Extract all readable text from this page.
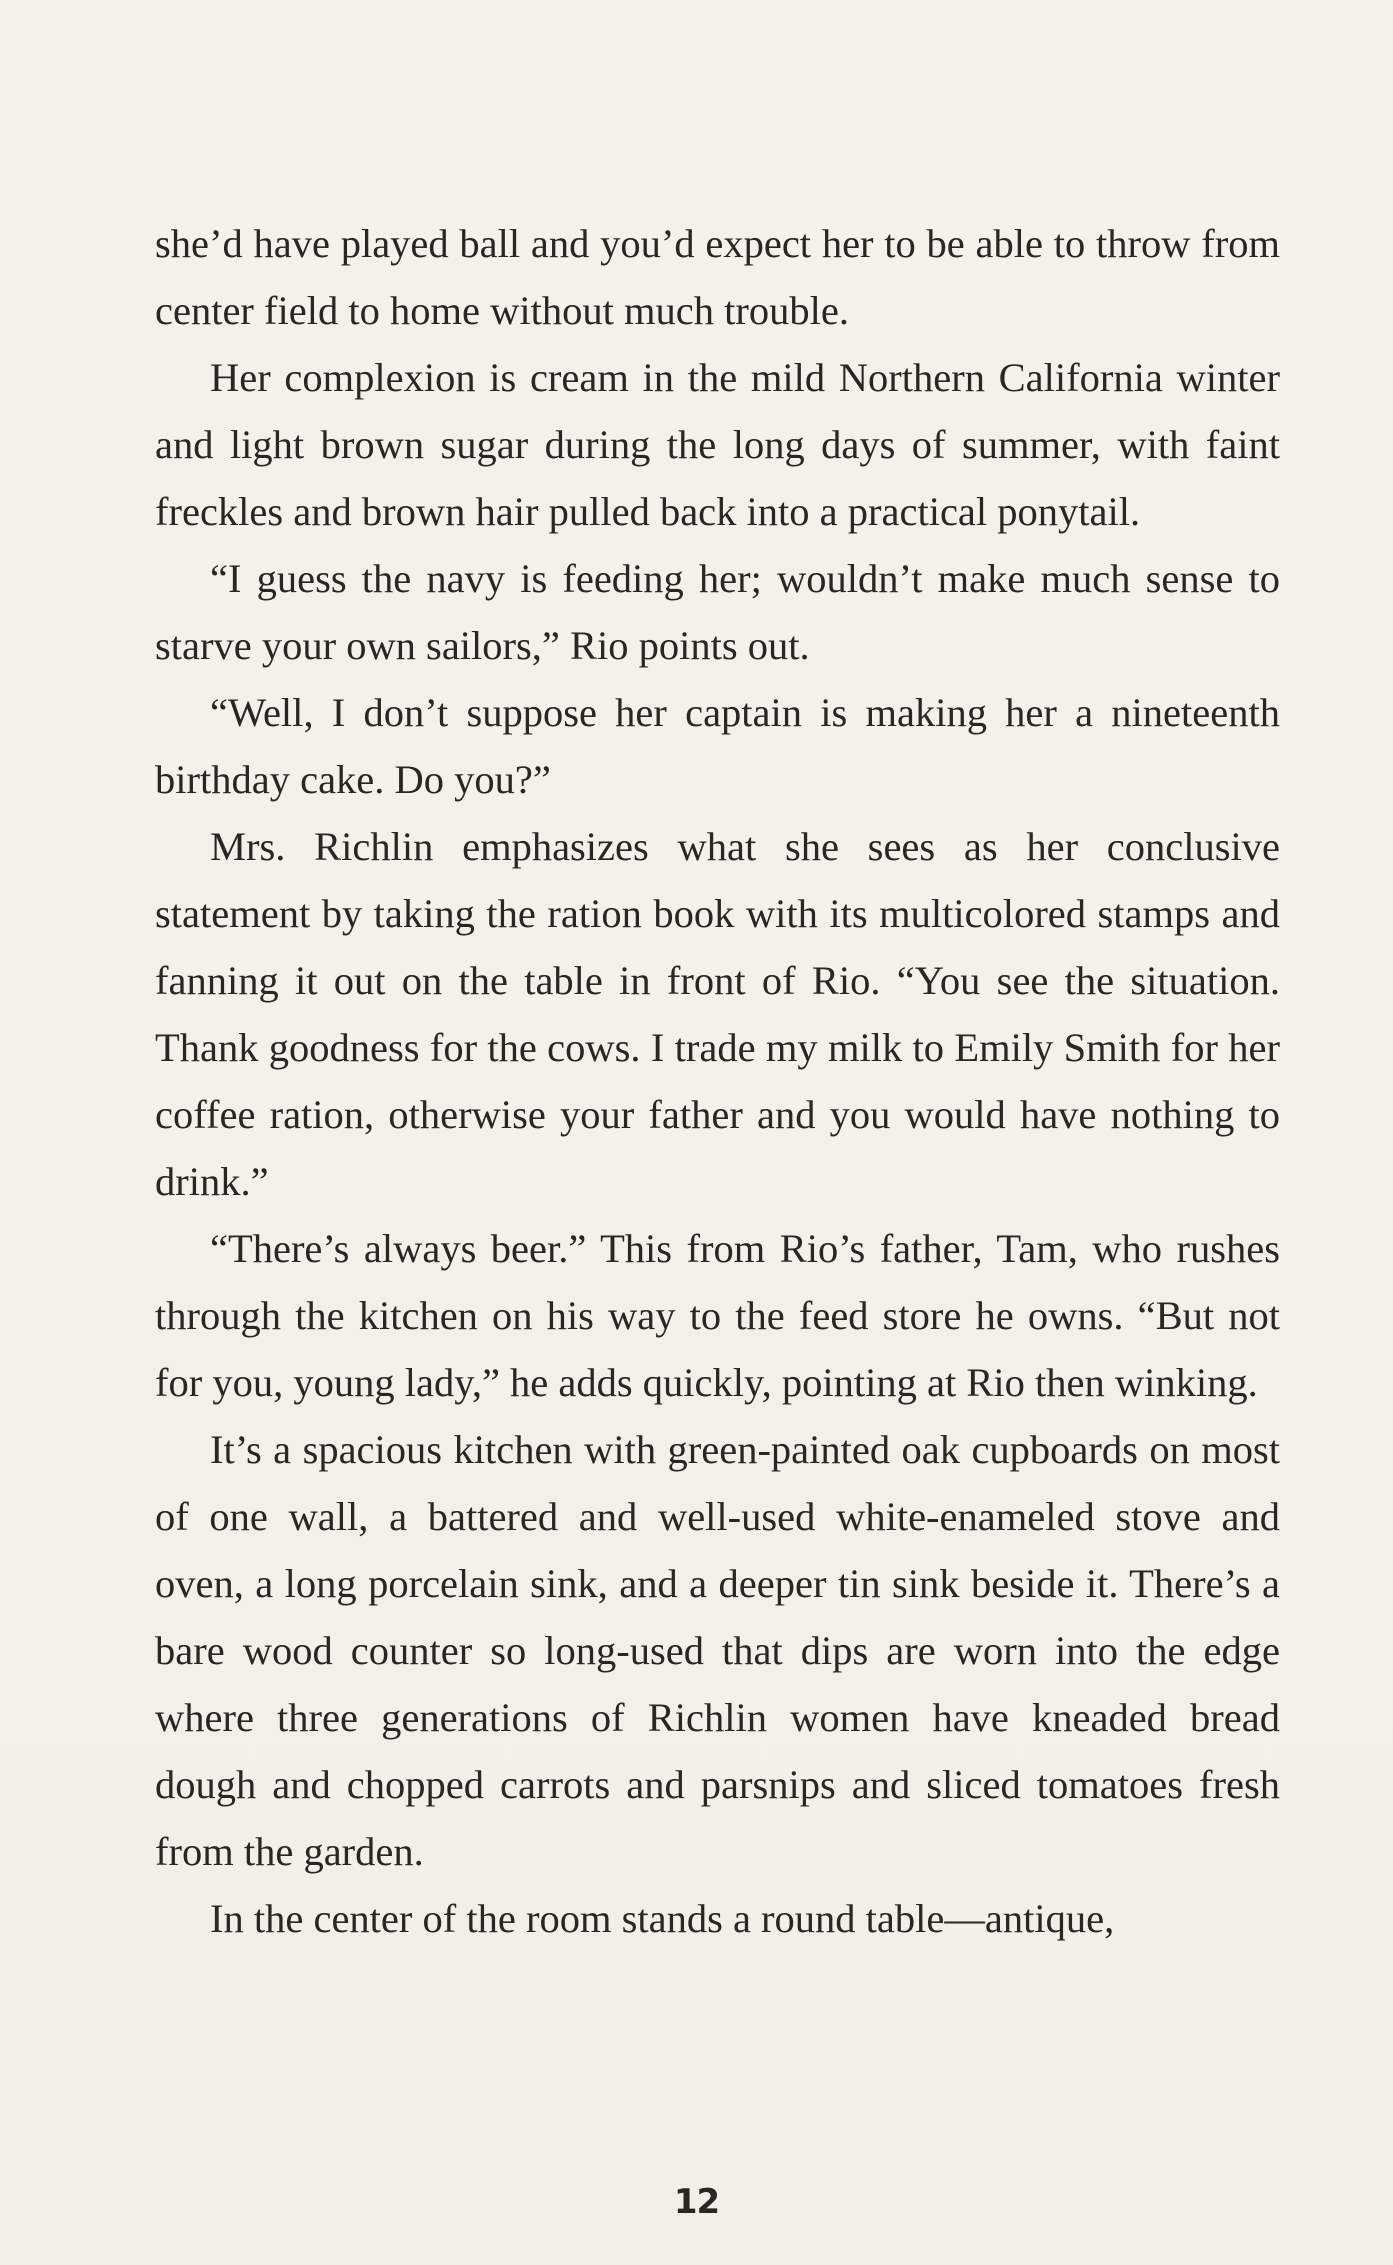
she’d have played ball and you’d expect her to be able to throw from center field to home without much trouble.

Her complexion is cream in the mild Northern California winter and light brown sugar during the long days of summer, with faint freckles and brown hair pulled back into a practical ponytail.

“I guess the navy is feeding her; wouldn’t make much sense to starve your own sailors,” Rio points out.

“Well, I don’t suppose her captain is making her a nineteenth birthday cake. Do you?”

Mrs. Richlin emphasizes what she sees as her conclusive statement by taking the ration book with its multicolored stamps and fanning it out on the table in front of Rio. “You see the situation. Thank goodness for the cows. I trade my milk to Emily Smith for her coffee ration, otherwise your father and you would have nothing to drink.”

“There’s always beer.” This from Rio’s father, Tam, who rushes through the kitchen on his way to the feed store he owns. “But not for you, young lady,” he adds quickly, pointing at Rio then winking.

It’s a spacious kitchen with green-painted oak cupboards on most of one wall, a battered and well-used white-enameled stove and oven, a long porcelain sink, and a deeper tin sink beside it. There’s a bare wood counter so long-used that dips are worn into the edge where three generations of Richlin women have kneaded bread dough and chopped carrots and parsnips and sliced tomatoes fresh from the garden.

In the center of the room stands a round table—antique,

12
